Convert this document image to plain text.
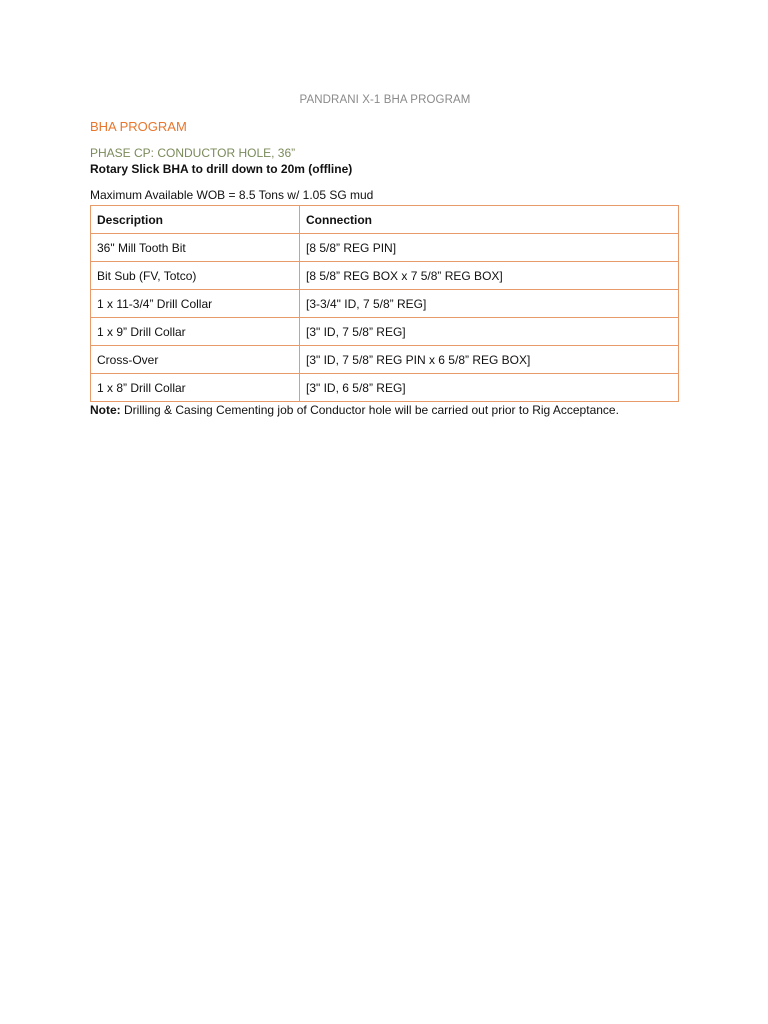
PANDRANI X-1 BHA PROGRAM
BHA PROGRAM
PHASE CP: CONDUCTOR HOLE, 36”
Rotary Slick BHA to drill down to 20m (offline)
Maximum Available WOB = 8.5 Tons w/ 1.05 SG mud
Description	Connection
36" Mill Tooth Bit	[8 5/8” REG PIN]
Bit Sub (FV, Totco)	[8 5/8” REG BOX x 7 5/8” REG BOX]
1 x 11-3/4” Drill Collar	[3-3/4" ID, 7 5/8” REG]
1 x 9” Drill Collar	[3" ID, 7 5/8” REG]
Cross-Over	[3" ID, 7 5/8” REG PIN x 6 5/8” REG BOX]
1 x 8” Drill Collar	[3" ID, 6 5/8” REG]
Note: Drilling & Casing Cementing job of Conductor hole will be carried out prior to Rig Acceptance.
